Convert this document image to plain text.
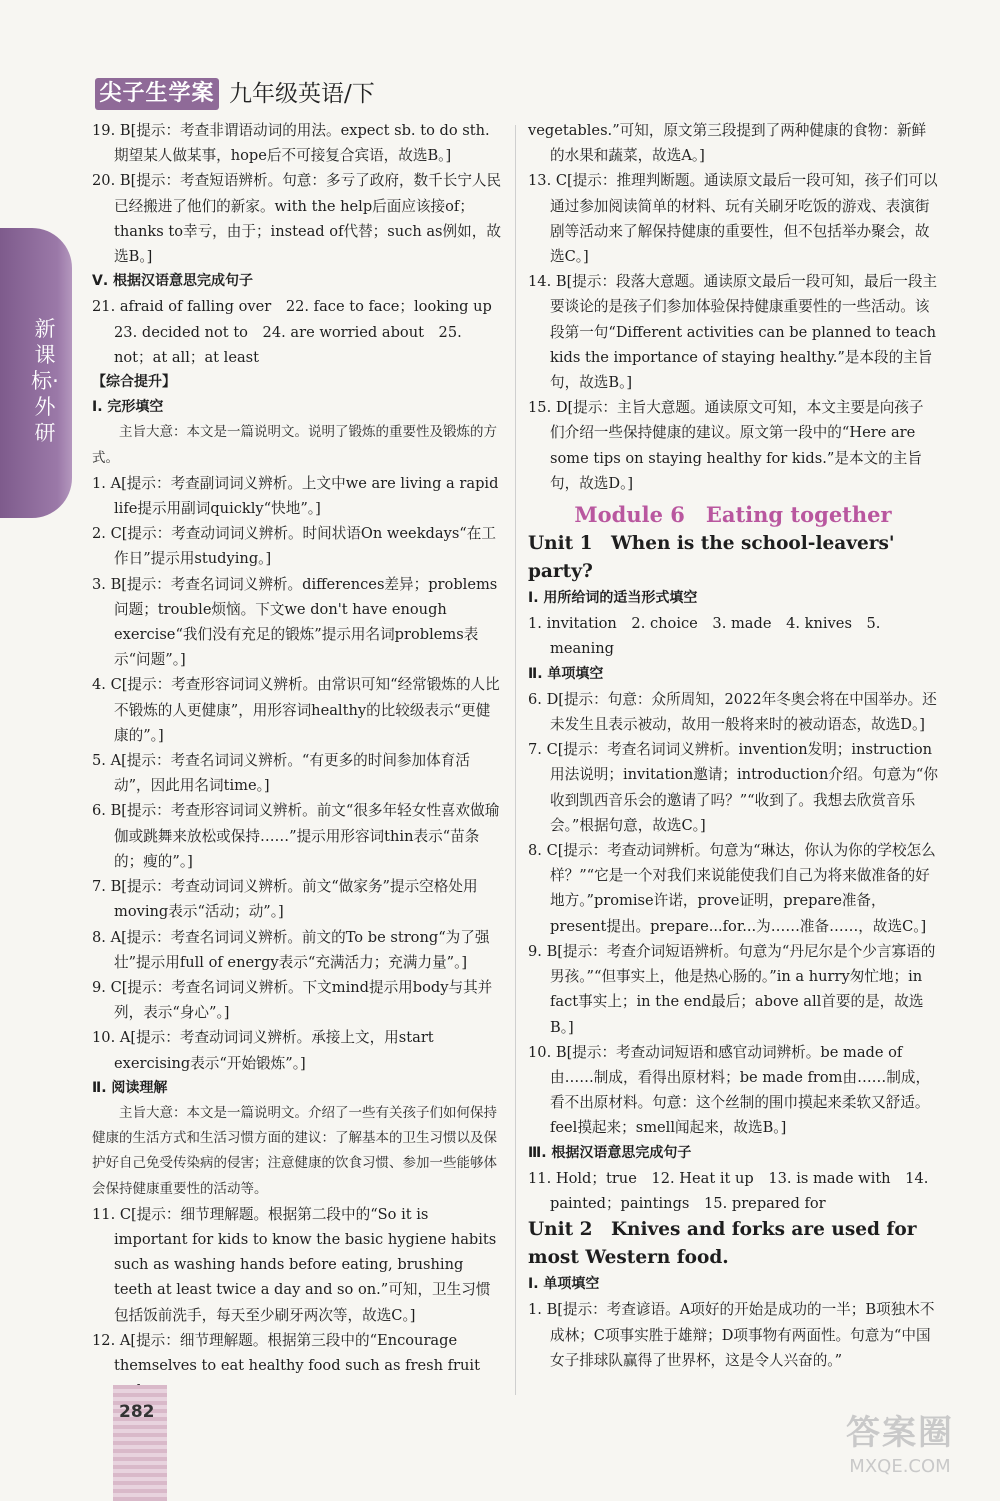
新课标·外研
尖子生学案 九年级英语/下

19. B[提示：考查非谓语动词的用法。expect sb. to do sth. 期望某人做某事，hope后不可接复合宾语，故选B。]

20. B[提示：考查短语辨析。句意：多亏了政府，数千长宁人民已经搬进了他们的新家。with the help后面应该接of；thanks to幸亏，由于；instead of代替；such as例如，故选B。]

Ⅴ. 根据汉语意思完成句子

21. afraid of falling over　22. face to face；looking up　23. decided not to　24. are worried about　25. not；at all；at least

【综合提升】

Ⅰ. 完形填空

主旨大意：本文是一篇说明文。说明了锻炼的重要性及锻炼的方式。

1. A[提示：考查副词词义辨析。上文中we are living a rapid life提示用副词quickly“快地”。]

2. C[提示：考查动词词义辨析。时间状语On weekdays“在工作日”提示用studying。]

3. B[提示：考查名词词义辨析。differences差异；problems问题；trouble烦恼。下文we don't have enough exercise“我们没有充足的锻炼”提示用名词problems表示“问题”。]

4. C[提示：考查形容词词义辨析。由常识可知“经常锻炼的人比不锻炼的人更健康”，用形容词healthy的比较级表示“更健康的”。]

5. A[提示：考查名词词义辨析。“有更多的时间参加体育活动”，因此用名词time。]

6. B[提示：考查形容词词义辨析。前文“很多年轻女性喜欢做瑜伽或跳舞来放松或保持……”提示用形容词thin表示“苗条的；瘦的”。]

7. B[提示：考查动词词义辨析。前文“做家务”提示空格处用moving表示“活动；动”。]

8. A[提示：考查名词词义辨析。前文的To be strong“为了强壮”提示用full of energy表示“充满活力；充满力量”。]

9. C[提示：考查名词词义辨析。下文mind提示用body与其并列，表示“身心”。]

10. A[提示：考查动词词义辨析。承接上文，用start exercising表示“开始锻炼”。]

Ⅱ. 阅读理解

主旨大意：本文是一篇说明文。介绍了一些有关孩子们如何保持健康的生活方式和生活习惯方面的建议：了解基本的卫生习惯以及保护好自己免受传染病的侵害；注意健康的饮食习惯、参加一些能够体会保持健康重要性的活动等。

11. C[提示：细节理解题。根据第二段中的“So it is important for kids to know the basic hygiene habits such as washing hands before eating, brushing teeth at least twice a day and so on.”可知，卫生习惯包括饭前洗手，每天至少刷牙两次等，故选C。]

12. A[提示：细节理解题。根据第三段中的“Encourage themselves to eat healthy food such as fresh fruit

vegetables.”可知，原文第三段提到了两种健康的食物：新鲜的水果和蔬菜，故选A。]

13. C[提示：推理判断题。通读原文最后一段可知，孩子们可以通过参加阅读简单的材料、玩有关刷牙吃饭的游戏、表演街剧等活动来了解保持健康的重要性，但不包括举办聚会，故选C。]

14. B[提示：段落大意题。通读原文最后一段可知，最后一段主要谈论的是孩子们参加体验保持健康重要性的一些活动。该段第一句“Different activities can be planned to teach kids the importance of staying healthy.”是本段的主旨句，故选B。]

15. D[提示：主旨大意题。通读原文可知，本文主要是向孩子们介绍一些保持健康的建议。原文第一段中的“Here are some tips on staying healthy for kids.”是本文的主旨句，故选D。]

Module 6　Eating together

Unit 1　When is the school-leavers' party?

Ⅰ. 用所给词的适当形式填空

1. invitation　2. choice　3. made　4. knives　5. meaning

Ⅱ. 单项填空

6. D[提示：句意：众所周知，2022年冬奥会将在中国举办。还未发生且表示被动，故用一般将来时的被动语态，故选D。]

7. C[提示：考查名词词义辨析。invention发明；instruction用法说明；invitation邀请；introduction介绍。句意为“你收到凯西音乐会的邀请了吗？”“收到了。我想去欣赏音乐会。”根据句意，故选C。]

8. C[提示：考查动词辨析。句意为“琳达，你认为你的学校怎么样？”“它是一个对我们来说能使我们自己为将来做准备的好地方。”promise许诺，prove证明，prepare准备，present提出。prepare...for...为……准备……，故选C。]

9. B[提示：考查介词短语辨析。句意为“丹尼尔是个少言寡语的男孩。”“但事实上，他是热心肠的。”in a hurry匆忙地；in fact事实上；in the end最后；above all首要的是，故选B。]

10. B[提示：考查动词短语和感官动词辨析。be made of由……制成，看得出原材料；be made from由……制成，看不出原材料。句意：这个丝制的围巾摸起来柔软又舒适。feel摸起来；smell闻起来，故选B。]

Ⅲ. 根据汉语意思完成句子

11. Hold；true　12. Heat it up　13. is made with　14. painted；paintings　15. prepared for

Unit 2　Knives and forks are used for most Western food.

Ⅰ. 单项填空

1. B[提示：考查谚语。A项好的开始是成功的一半；B项独木不成林；C项事实胜于雄辩；D项事物有两面性。句意为“中国女子排球队赢得了世界杯，这是令人兴奋的。”

282
答案圈
MXQE.COM
